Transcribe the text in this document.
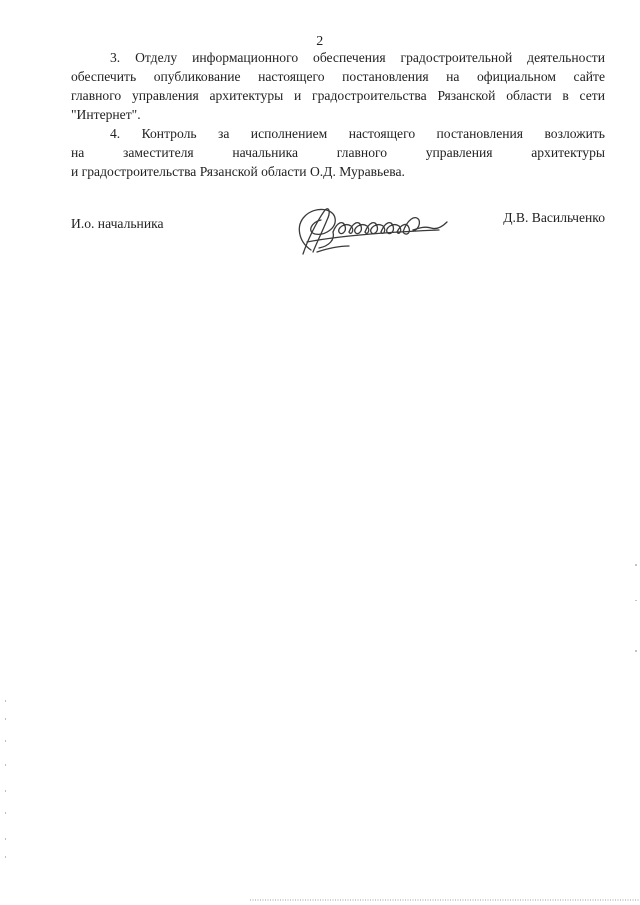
2

3. Отделу информационного обеспечения градостроительной деятельности
обеспечить опубликование настоящего постановления на официальном сайте
главного управления архитектуры и градостроительства Рязанской области в сети
"Интернет".

4. Контроль за исполнением настоящего постановления возложить
на заместителя начальника главного управления архитектуры
и градостроительства Рязанской области О.Д. Муравьева.

И.о. начальника	Д.В. Васильченко
